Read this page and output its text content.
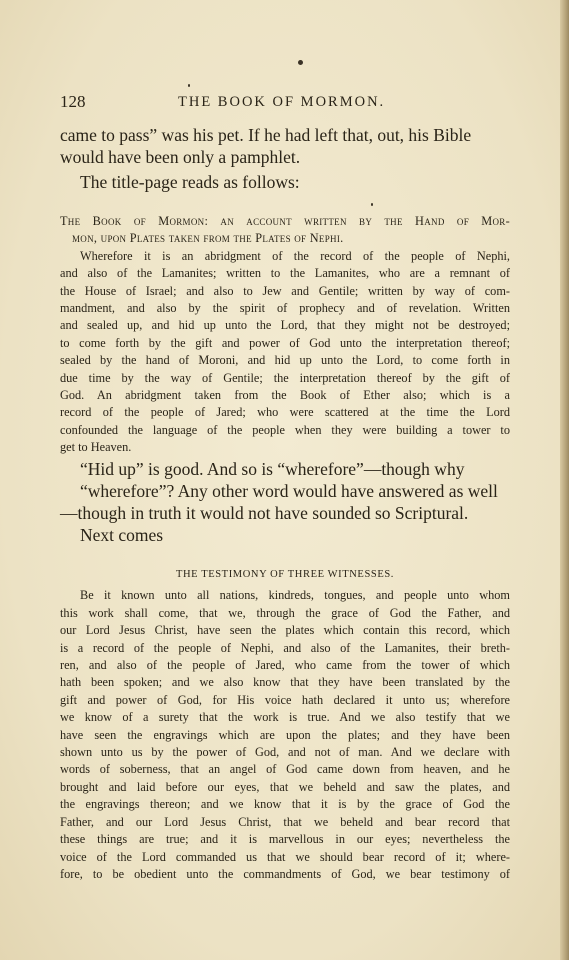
128	THE BOOK OF MORMON.
came to pass” was his pet. If he had left that, out, his Bible
would have been only a pamphlet.
The title-page reads as follows:
The Book of Mormon: an account written by the Hand of Mor-
mon, upon Plates taken from the Plates of Nephi.
Wherefore it is an abridgment of the record of the people of Nephi,
and also of the Lamanites; written to the Lamanites, who are a remnant of
the House of Israel; and also to Jew and Gentile; written by way of com-
mandment, and also by the spirit of prophecy and of revelation. Written
and sealed up, and hid up unto the Lord, that they might not be destroyed;
to come forth by the gift and power of God unto the interpretation thereof;
sealed by the hand of Moroni, and hid up unto the Lord, to come forth in
due time by the way of Gentile; the interpretation thereof by the gift of
God. An abridgment taken from the Book of Ether also; which is a
record of the people of Jared; who were scattered at the time the Lord
confounded the language of the people when they were building a tower to
get to Heaven.
“Hid up” is good. And so is “wherefore”—though why
“wherefore”? Any other word would have answered as well
—though in truth it would not have sounded so Scriptural.
Next comes
THE TESTIMONY OF THREE WITNESSES.
Be it known unto all nations, kindreds, tongues, and people unto whom
this work shall come, that we, through the grace of God the Father, and
our Lord Jesus Christ, have seen the plates which contain this record, which
is a record of the people of Nephi, and also of the Lamanites, their breth-
ren, and also of the people of Jared, who came from the tower of which
hath been spoken; and we also know that they have been translated by the
gift and power of God, for His voice hath declared it unto us; wherefore
we know of a surety that the work is true. And we also testify that we
have seen the engravings which are upon the plates; and they have been
shown unto us by the power of God, and not of man. And we declare with
words of soberness, that an angel of God came down from heaven, and he
brought and laid before our eyes, that we beheld and saw the plates, and
the engravings thereon; and we know that it is by the grace of God the
Father, and our Lord Jesus Christ, that we beheld and bear record that
these things are true; and it is marvellous in our eyes; nevertheless the
voice of the Lord commanded us that we should bear record of it; where-
fore, to be obedient unto the commandments of God, we bear testimony of
